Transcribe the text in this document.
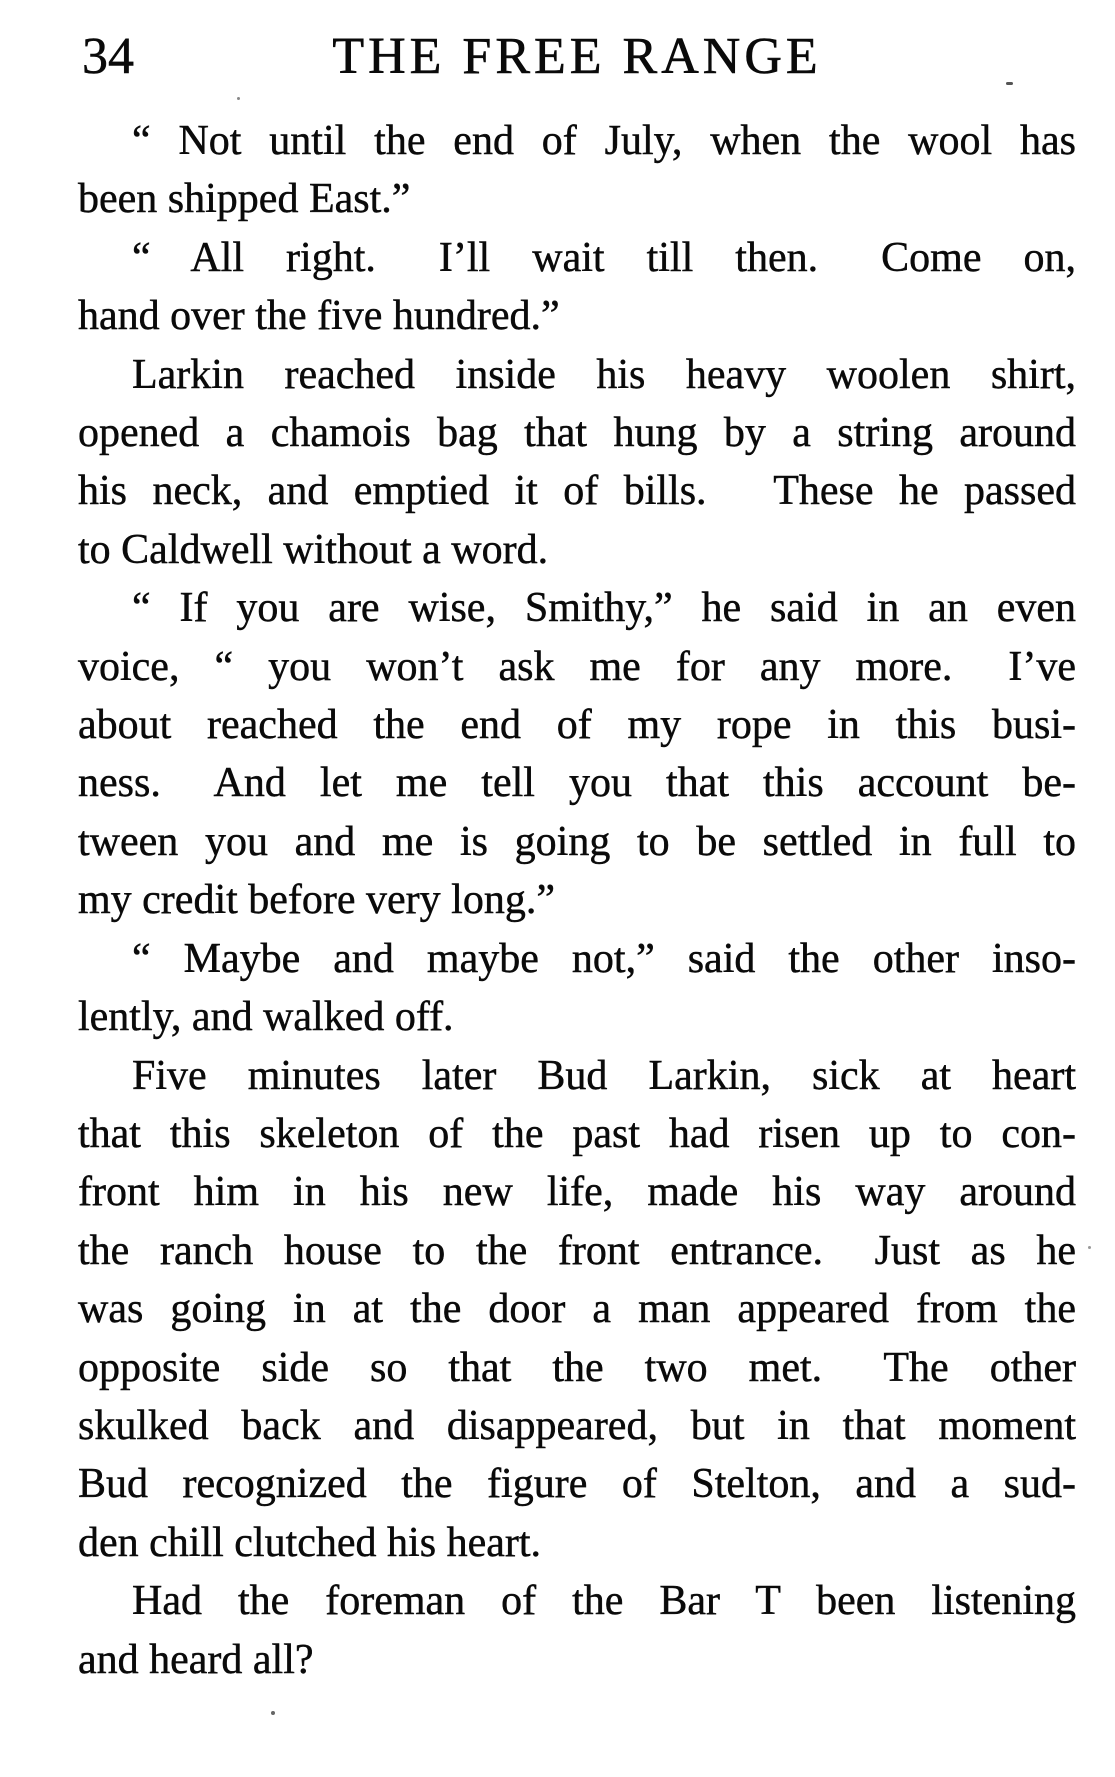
34	THE FREE RANGE
“ Not until the end of July, when the wool has
been shipped East.”
“ All right.  I’ll wait till then.  Come on,
hand over the five hundred.”
Larkin reached inside his heavy woolen shirt,
opened a chamois bag that hung by a string around
his neck, and emptied it of bills.  These he passed
to Caldwell without a word.
“ If you are wise, Smithy,” he said in an even
voice, “ you won’t ask me for any more.  I’ve
about reached the end of my rope in this busi-
ness.  And let me tell you that this account be-
tween you and me is going to be settled in full to
my credit before very long.”
“ Maybe and maybe not,” said the other inso-
lently, and walked off.
Five minutes later Bud Larkin, sick at heart
that this skeleton of the past had risen up to con-
front him in his new life, made his way around
the ranch house to the front entrance.  Just as he
was going in at the door a man appeared from the
opposite side so that the two met.  The other
skulked back and disappeared, but in that moment
Bud recognized the figure of Stelton, and a sud-
den chill clutched his heart.
Had the foreman of the Bar T been listening
and heard all?
